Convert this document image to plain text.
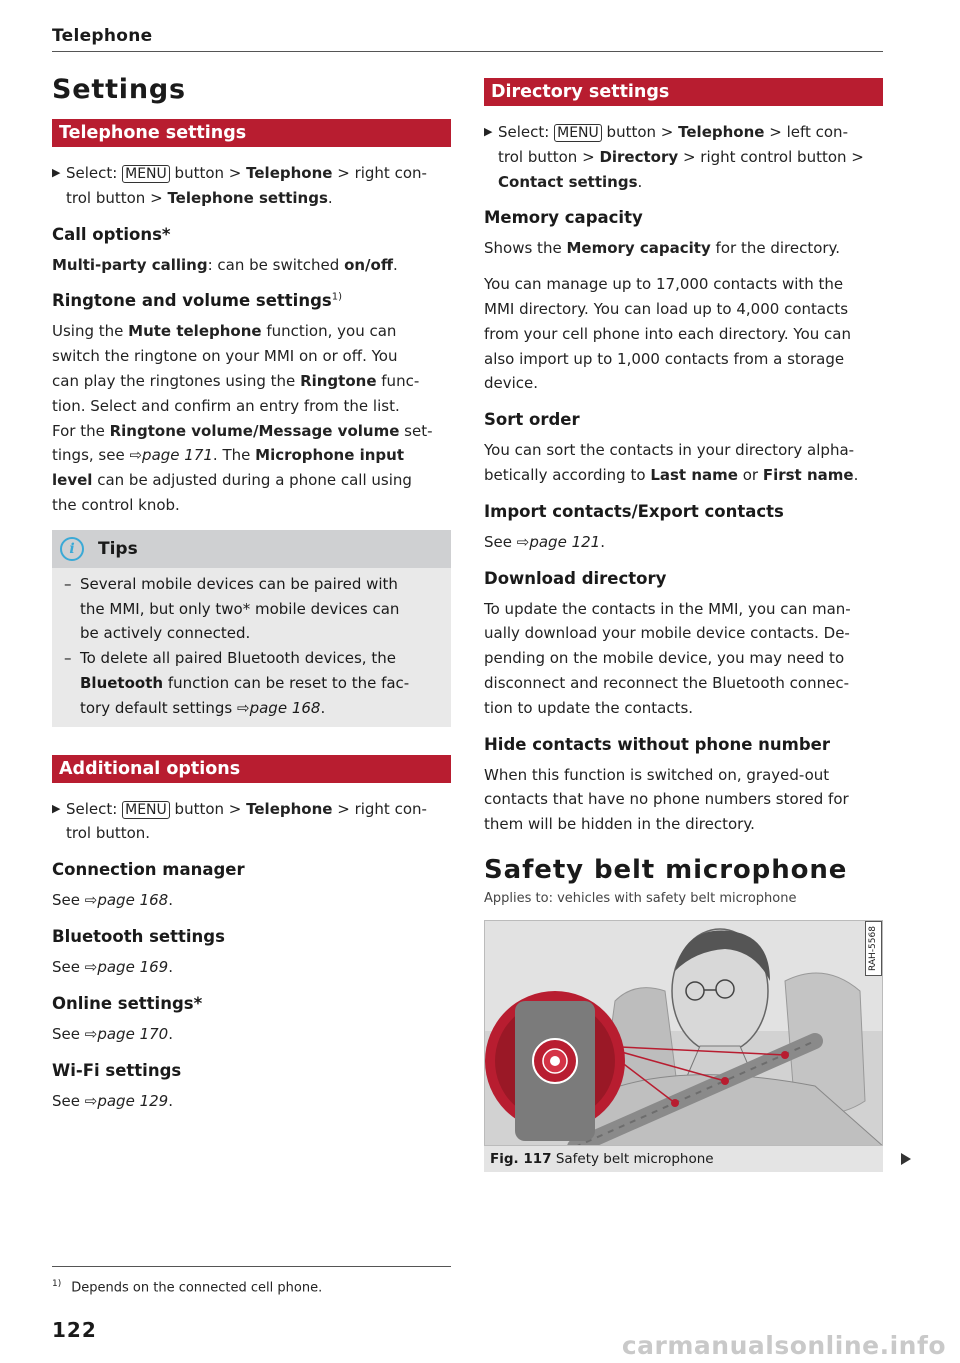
Telephone
Settings
Telephone settings
▶ Select: MENU button > Telephone > right con-
trol button > Telephone settings.
Call options*

Multi-party calling: can be switched on/off.

Ringtone and volume settings$^{1)}$

Using the Mute telephone function, you can
switch the ringtone on your MMI on or off. You
can play the ringtones using the Ringtone func-
tion. Select and confirm an entry from the list.
For the Ringtone volume/Message volume set-
tings, see ⇨page 171. The Microphone input
level can be adjusted during a phone call using
the control knob.

i	Tips
– Several mobile devices can be paired with
the MMI, but only two* mobile devices can
be actively connected.
– To delete all paired Bluetooth devices, the
Bluetooth function can be reset to the fac-
tory default settings ⇨page 168.
Additional options
▶ Select: MENU button > Telephone > right con-
trol button.
Connection manager

See ⇨page 168.

Bluetooth settings

See ⇨page 169.

Online settings*

See ⇨page 170.

Wi-Fi settings

See ⇨page 129.

Directory settings
▶ Select: MENU button > Telephone > left con-
trol button > Directory > right control button >
Contact settings.
Memory capacity

Shows the Memory capacity for the directory.

You can manage up to 17,000 contacts with the
MMI directory. You can load up to 4,000 contacts
from your cell phone into each directory. You can
also import up to 1,000 contacts from a storage
device.

Sort order

You can sort the contacts in your directory alpha-
betically according to Last name or First name.

Import contacts/Export contacts

See ⇨page 121.

Download directory

To update the contacts in the MMI, you can man-
ually download your mobile device contacts. De-
pending on the mobile device, you may need to
disconnect and reconnect the Bluetooth connec-
tion to update the contacts.

Hide contacts without phone number

When this function is switched on, grayed-out
contacts that have no phone numbers stored for
them will be hidden in the directory.

Safety belt microphone
Applies to: vehicles with safety belt microphone
RAH-5568
Fig. 117 Safety belt microphone
$^{1)}$ Depends on the connected cell phone.
122
carmanualsonline.info
